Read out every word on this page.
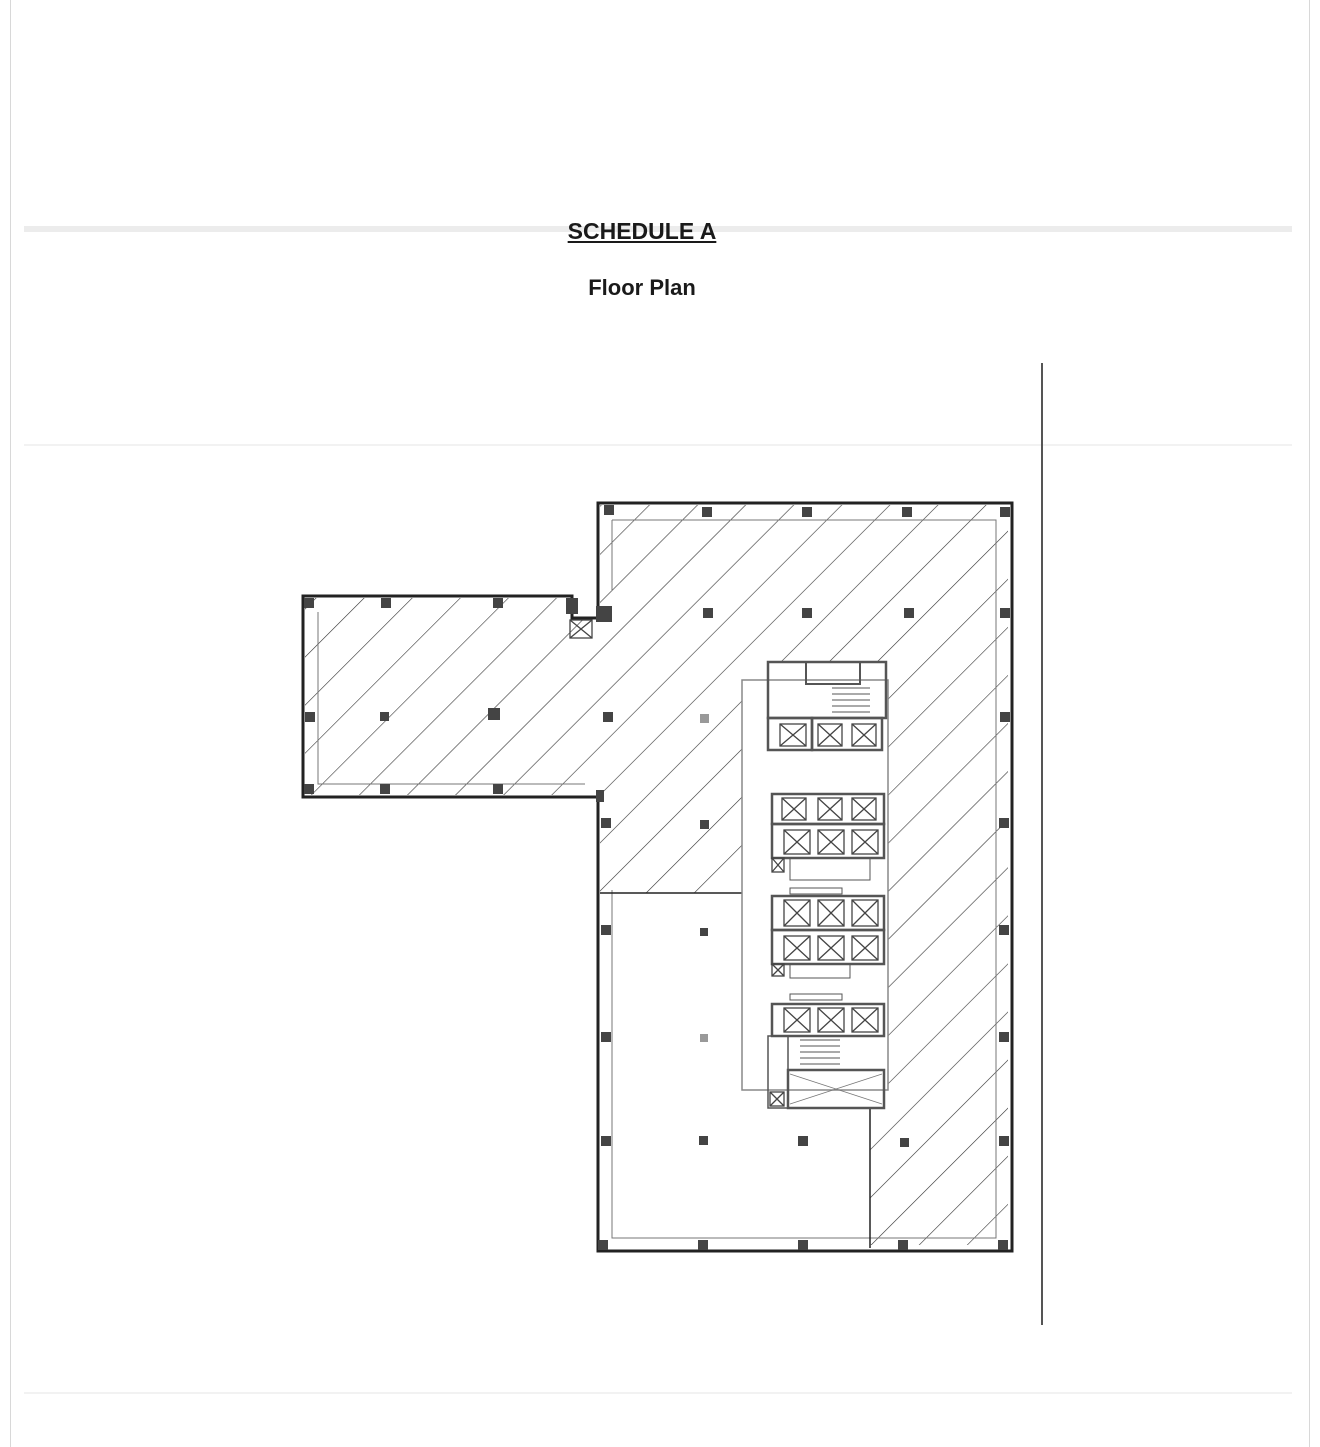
SCHEDULE A
Floor Plan
